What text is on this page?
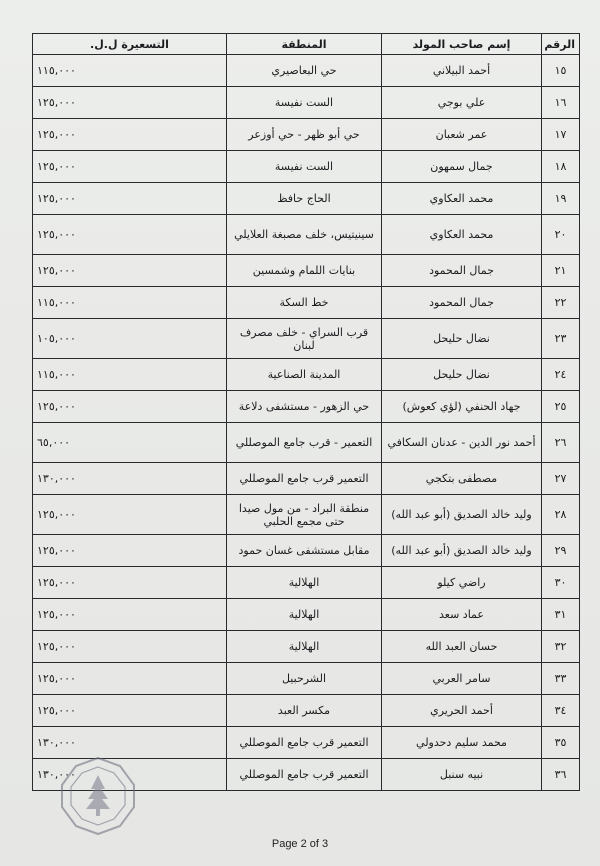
الرقم	إسم صاحب المولد	المنطقة	التسعيرة ل.ل.
١٥	أحمد البيلاني	حي البعاصيري	١١٥,٠٠٠
١٦	علي بوجي	الست نفيسة	١٢٥,٠٠٠
١٧	عمر شعبان	حي أبو ظهر - حي أوزعر	١٢٥,٠٠٠
١٨	جمال سمهون	الست نفيسة	١٢٥,٠٠٠
١٩	محمد العكاوي	الحاج حافظ	١٢٥,٠٠٠
٢٠	محمد العكاوي	سينيتيس، خلف مصبغة العلايلي	١٢٥,٠٠٠
٢١	جمال المحمود	بنايات اللمام وشمسين	١٢٥,٠٠٠
٢٢	جمال المحمود	خط السكة	١١٥,٠٠٠
٢٣	نضال حليحل	قرب السراي - خلف مصرف لبنان	١٠٥,٠٠٠
٢٤	نضال حليحل	المدينة الصناعية	١١٥,٠٠٠
٢٥	جهاد الحنفي (لؤي كعوش)	حي الزهور - مستشفى دلاعة	١٢٥,٠٠٠
٢٦	أحمد نور الدين - عدنان السكافي	التعمير - قرب جامع الموصللي	٦٥,٠٠٠
٢٧	مصطفى بتكجي	التعمير قرب جامع الموصللي	١٣٠,٠٠٠
٢٨	وليد خالد الصديق (أبو عبد الله)	منطقة البراد - من مول صيدا حتى مجمع الحلبي	١٢٥,٠٠٠
٢٩	وليد خالد الصديق (أبو عبد الله)	مقابل مستشفى غسان حمود	١٢٥,٠٠٠
٣٠	راضي كيلو	الهلالية	١٢٥,٠٠٠
٣١	عماد سعد	الهلالية	١٢٥,٠٠٠
٣٢	حسان العبد الله	الهلالية	١٢٥,٠٠٠
٣٣	سامر العربي	الشرحبيل	١٢٥,٠٠٠
٣٤	أحمد الحريري	مكسر العبد	١٢٥,٠٠٠
٣٥	محمد سليم دحدولي	التعمير قرب جامع الموصللي	١٣٠,٠٠٠
٣٦	نبيه سنبل	التعمير قرب جامع الموصللي	١٣٠,٠٠٠
Page 2 of 3
